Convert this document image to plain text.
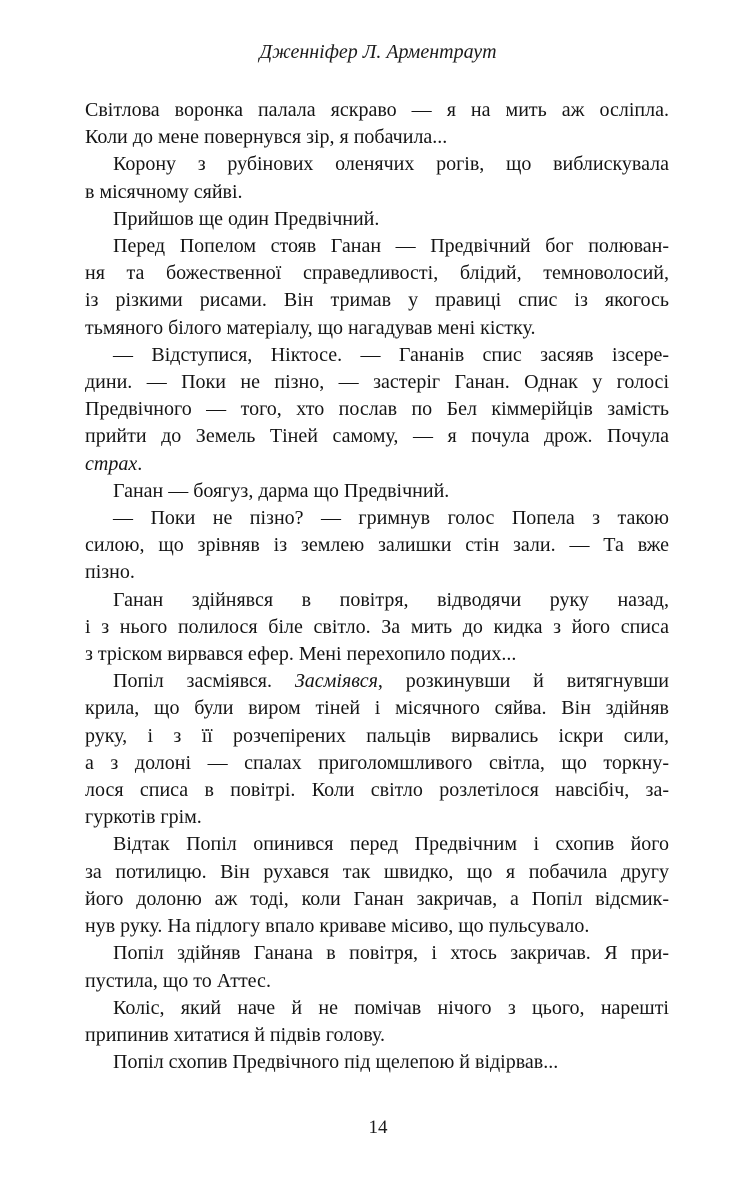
Дженніфер Л. Арментраут
Світлова воронка палала яскраво — я на мить аж осліпла.
Коли до мене повернувся зір, я побачила...
Корону з рубінових оленячих рогів, що виблискувала
в місячному сяйві.
Прийшов ще один Предвічний.
Перед Попелом стояв Ганан — Предвічний бог полюван-
ня та божественної справедливості, блідий, темноволосий,
із різкими рисами. Він тримав у правиці спис із якогось
тьмяного білого матеріалу, що нагадував мені кістку.
— Відступися, Ніктосе. — Гананів спис засяяв ізсере-
дини. — Поки не пізно, — застеріг Ганан. Однак у голосі
Предвічного — того, хто послав по Бел кіммерійців замість
прийти до Земель Тіней самому, — я почула дрож. Почула
страх.
Ганан — боягуз, дарма що Предвічний.
— Поки не пізно? — гримнув голос Попела з такою
силою, що зрівняв із землею залишки стін зали. — Та вже
пізно.
Ганан здійнявся в повітря, відводячи руку назад,
і з нього полилося біле світло. За мить до кидка з його списа
з тріском вирвався ефер. Мені перехопило подих...
Попіл засміявся. Засміявся, розкинувши й витягнувши
крила, що були виром тіней і місячного сяйва. Він здійняв
руку, і з її розчепірених пальців вирвались іскри сили,
а з долоні — спалах приголомшливого світла, що торкну-
лося списа в повітрі. Коли світло розлетілося навсібіч, за-
гуркотів грім.
Відтак Попіл опинився перед Предвічним і схопив його
за потилицю. Він рухався так швидко, що я побачила другу
його долоню аж тоді, коли Ганан закричав, а Попіл відсмик-
нув руку. На підлогу впало криваве місиво, що пульсувало.
Попіл здійняв Ганана в повітря, і хтось закричав. Я при-
пустила, що то Аттес.
Коліс, який наче й не помічав нічого з цього, нарешті
припинив хитатися й підвів голову.
Попіл схопив Предвічного під щелепою й відірвав...
14
